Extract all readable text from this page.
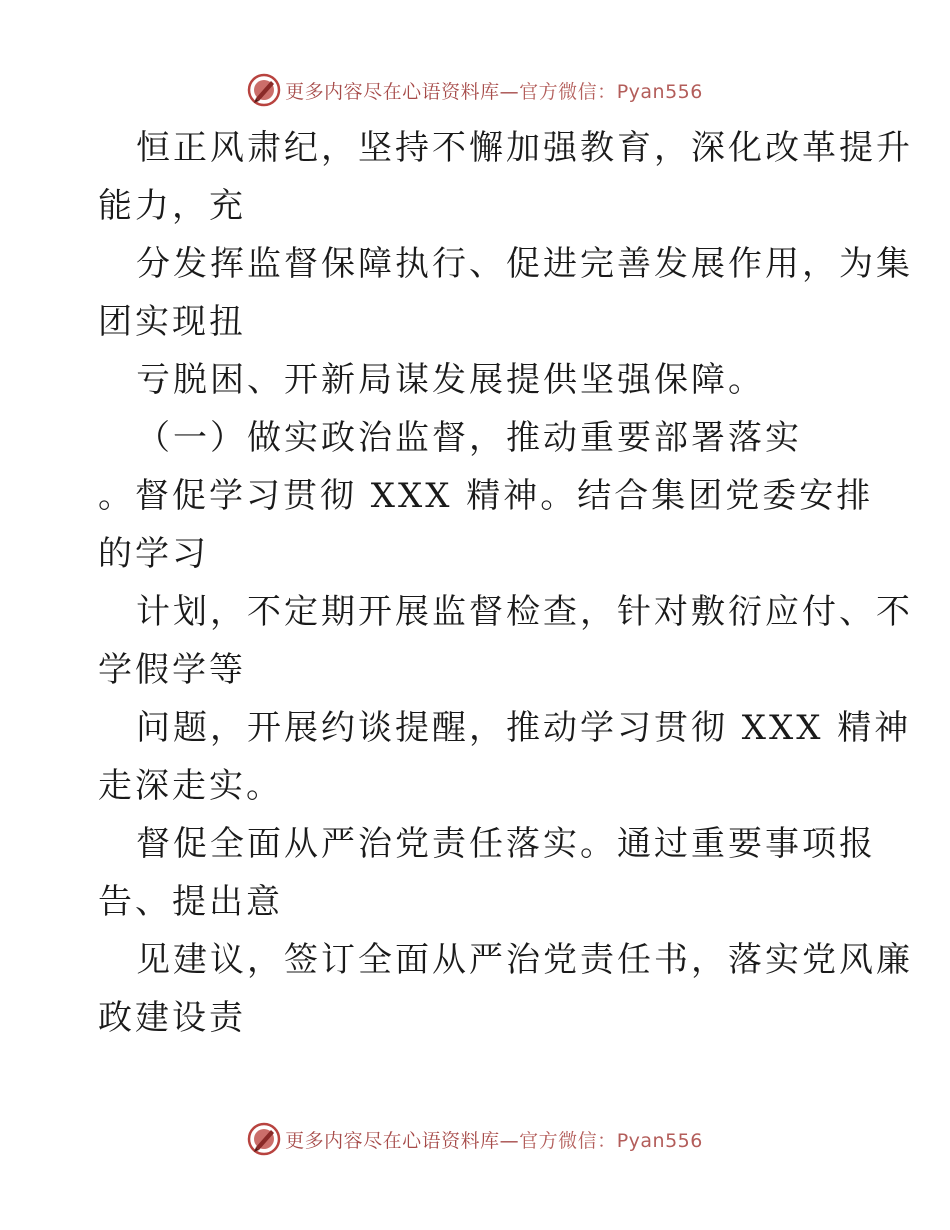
更多内容尽在心语资料库—官方微信：Pyan556
恒正风肃纪，坚持不懈加强教育，深化改革提升
能力，充
分发挥监督保障执行、促进完善发展作用，为集
团实现扭
亏脱困、开新局谋发展提供坚强保障。
（一）做实政治监督，推动重要部署落实
。督促学习贯彻 XXX 精神。结合集团党委安排
的学习
计划，不定期开展监督检查，针对敷衍应付、不
学假学等
问题，开展约谈提醒，推动学习贯彻 XXX 精神
走深走实。
督促全面从严治党责任落实。通过重要事项报
告、提出意
见建议，签订全面从严治党责任书，落实党风廉
政建设责
更多内容尽在心语资料库—官方微信：Pyan556
